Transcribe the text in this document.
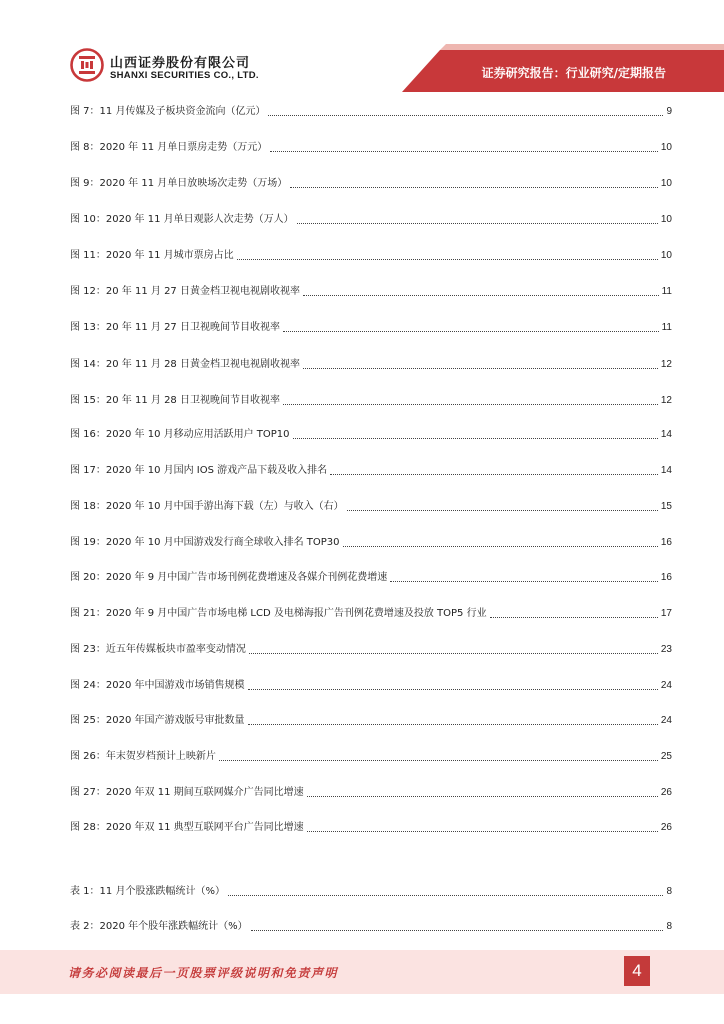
山西证券股份有限公司
SHANXI SECURITIES CO., LTD.	证券研究报告：行业研究/定期报告
图 7：11 月传媒及子板块资金流向（亿元）	9
图 8：2020 年 11 月单日票房走势（万元）	10
图 9：2020 年 11 月单日放映场次走势（万场）	10
图 10：2020 年 11 月单日观影人次走势（万人）	10
图 11：2020 年 11 月城市票房占比	10
图 12：20 年 11 月 27 日黄金档卫视电视剧收视率	11
图 13：20 年 11 月 27 日卫视晚间节目收视率	11
图 14：20 年 11 月 28 日黄金档卫视电视剧收视率	12
图 15：20 年 11 月 28 日卫视晚间节目收视率	12
图 16：2020 年 10 月移动应用活跃用户 TOP10	14
图 17：2020 年 10 月国内 IOS 游戏产品下载及收入排名	14
图 18：2020 年 10 月中国手游出海下载（左）与收入（右）	15
图 19：2020 年 10 月中国游戏发行商全球收入排名 TOP30	16
图 20：2020 年 9 月中国广告市场刊例花费增速及各媒介刊例花费增速	16
图 21：2020 年 9 月中国广告市场电梯 LCD 及电梯海报广告刊例花费增速及投放 TOP5 行业	17
图 23：近五年传媒板块市盈率变动情况	23
图 24：2020 年中国游戏市场销售规模	24
图 25：2020 年国产游戏版号审批数量	24
图 26：年末贺岁档预计上映新片	25
图 27：2020 年双 11 期间互联网媒介广告同比增速	26
图 28：2020 年双 11 典型互联网平台广告同比增速	26
表 1：11 月个股涨跌幅统计（%）	8
表 2：2020 年个股年涨跌幅统计（%）	8
请务必阅读最后一页股票评级说明和免责声明	4
